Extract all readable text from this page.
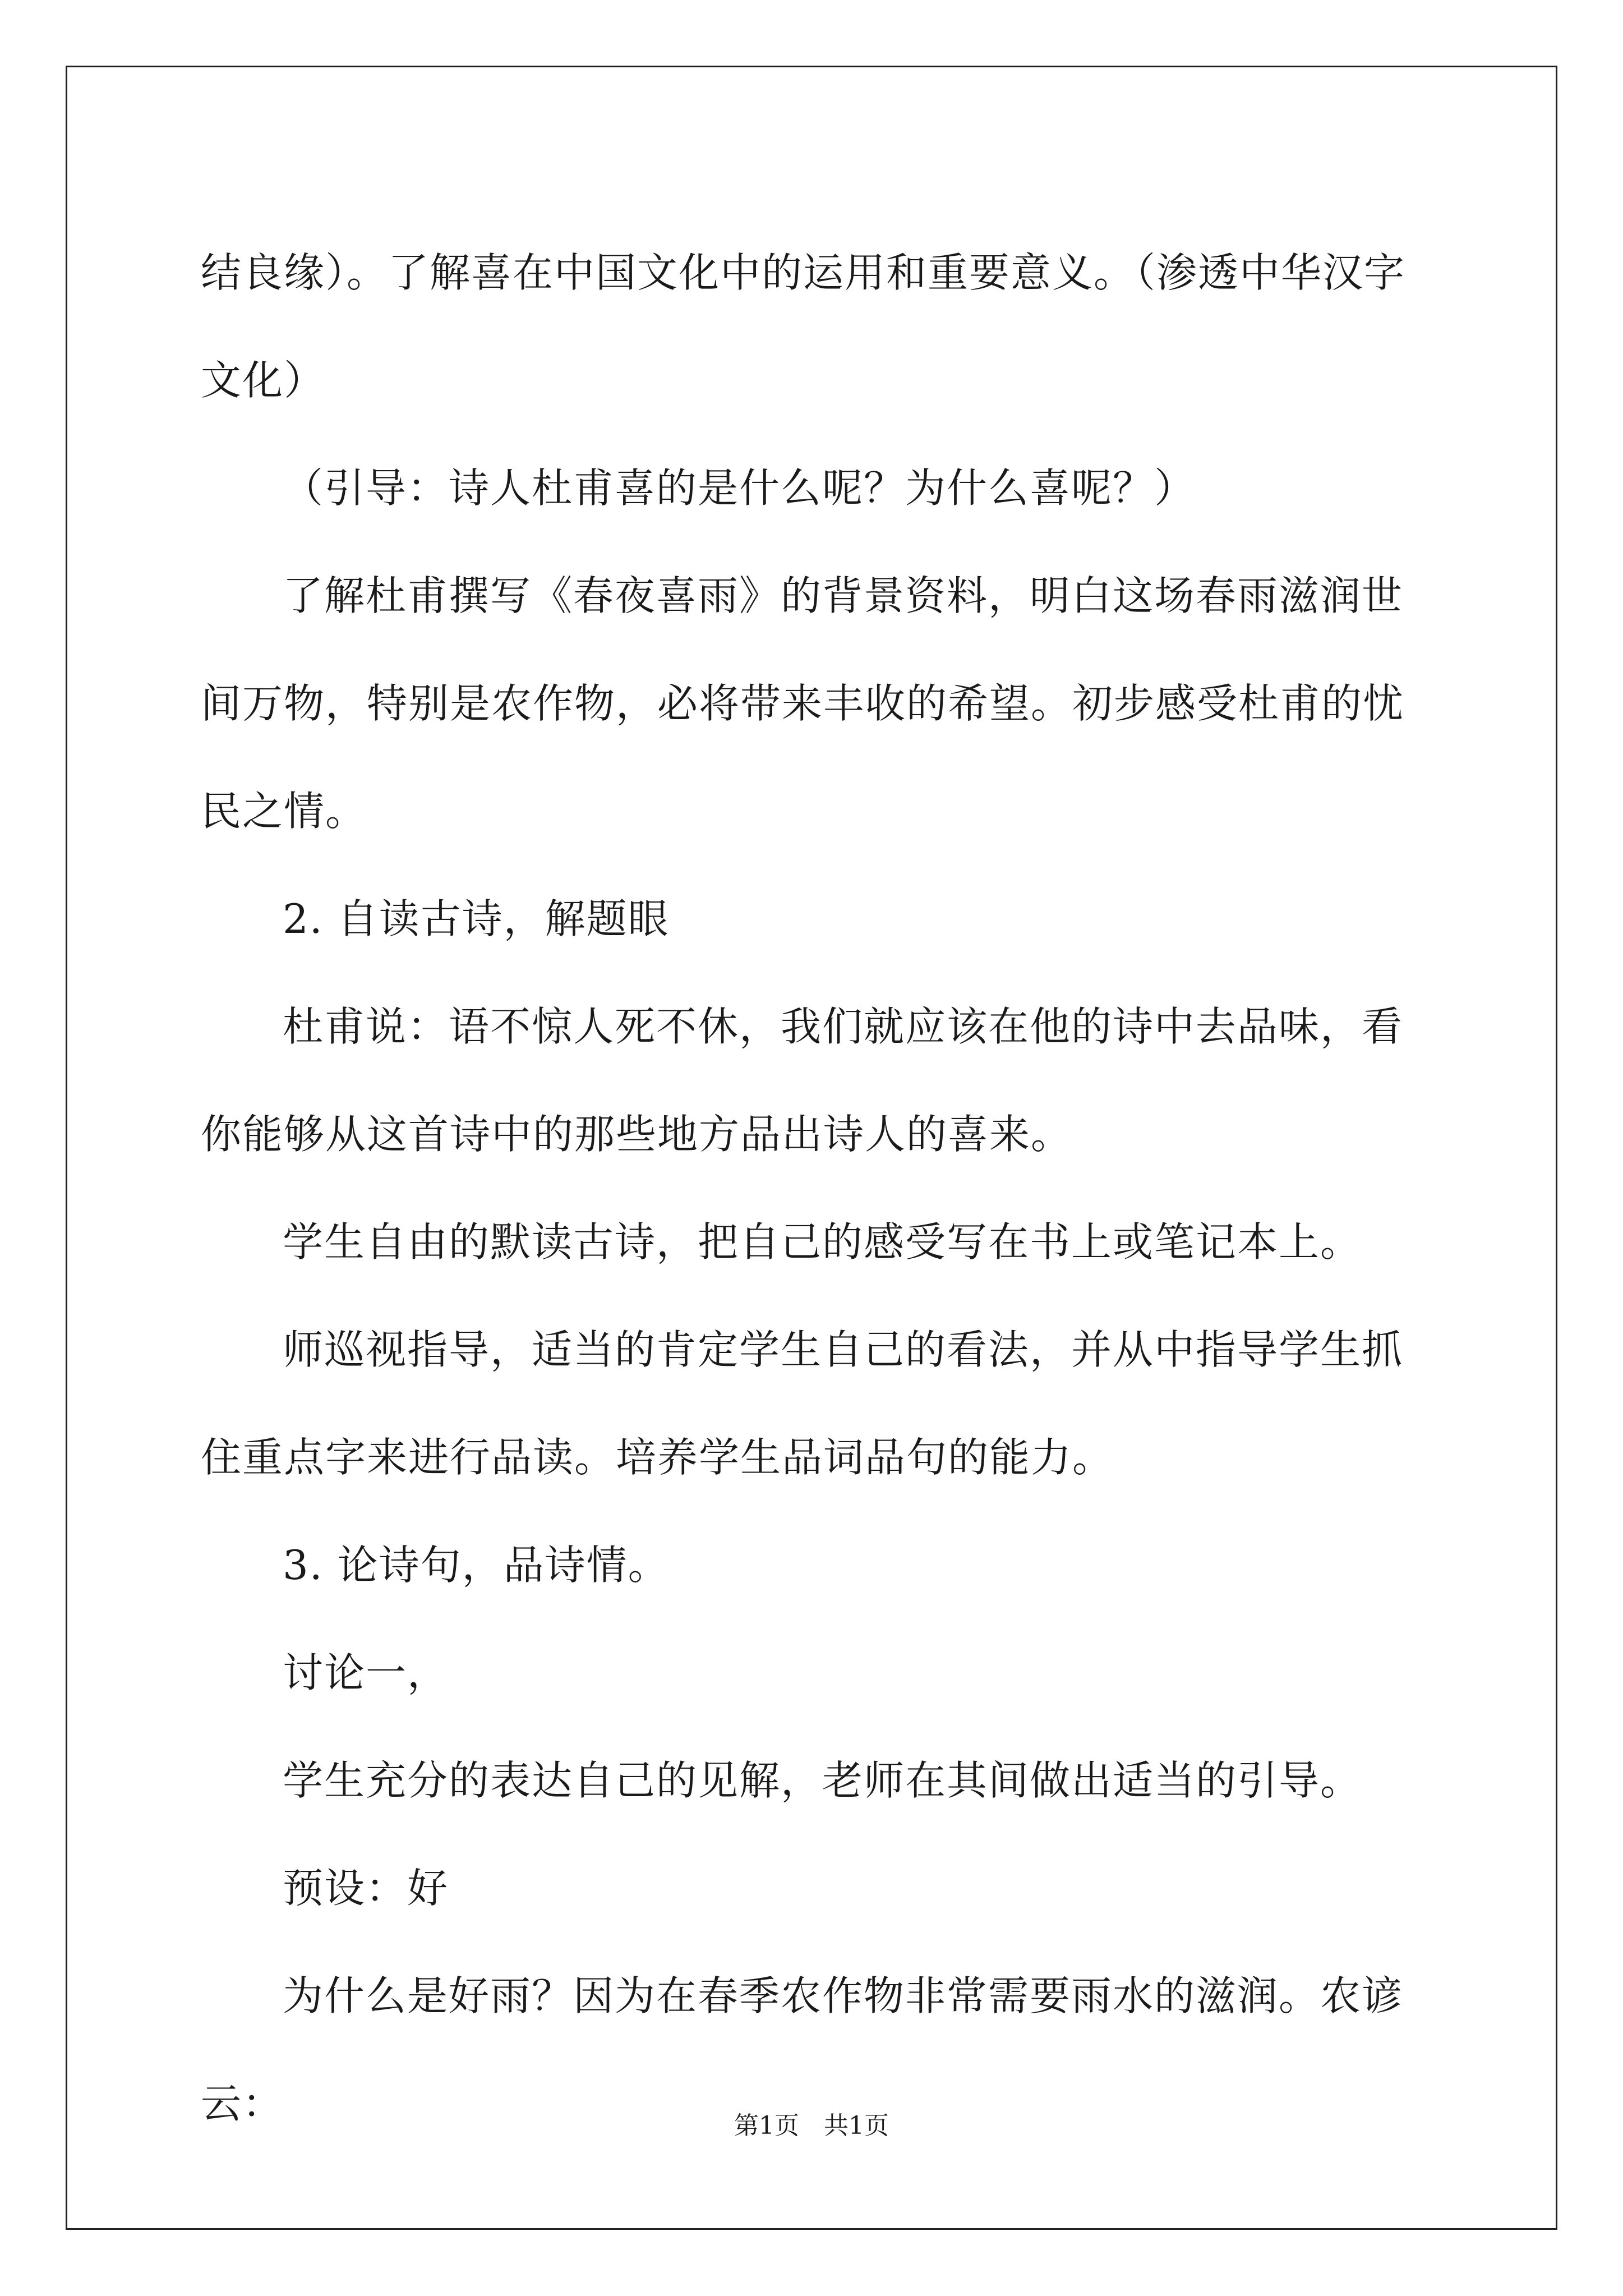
结良缘）。了解喜在中国文化中的运用和重要意义。（渗透中华汉字文化）

（引导：诗人杜甫喜的是什么呢？为什么喜呢？）

了解杜甫撰写《春夜喜雨》的背景资料，明白这场春雨滋润世间万物，特别是农作物，必将带来丰收的希望。初步感受杜甫的忧民之情。

2. 自读古诗，解题眼

杜甫说：语不惊人死不休，我们就应该在他的诗中去品味，看你能够从这首诗中的那些地方品出诗人的喜来。

学生自由的默读古诗，把自己的感受写在书上或笔记本上。

师巡视指导，适当的肯定学生自己的看法，并从中指导学生抓住重点字来进行品读。培养学生品词品句的能力。

3. 论诗句，品诗情。

讨论一，

学生充分的表达自己的见解，老师在其间做出适当的引导。

预设：好

为什么是好雨？因为在春季农作物非常需要雨水的滋润。农谚云：	第1页　共1页
